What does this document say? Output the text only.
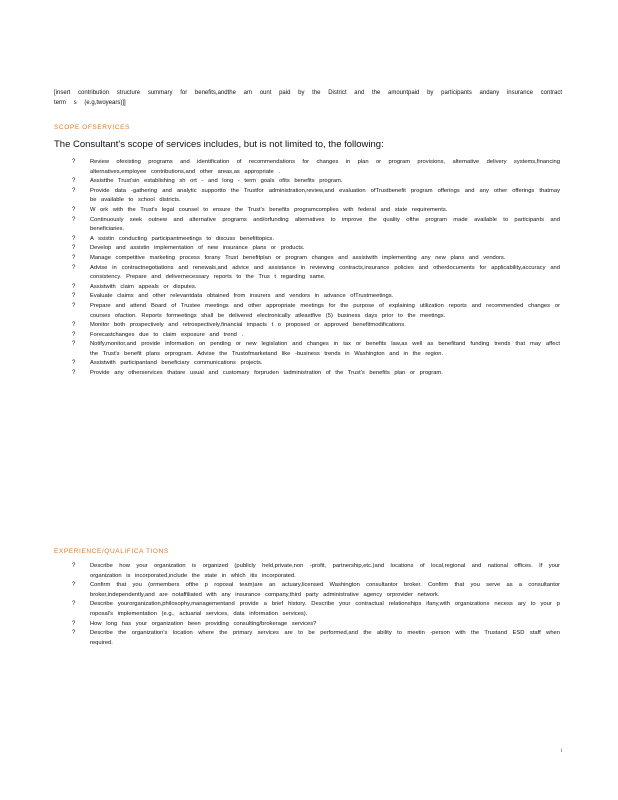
[insert contribution structure summary for benefits,andthe am ount paid by the District and the amountpaid by participants andany insurance contract term s (e.g,twoyears)]]
SCOPE OFSERVICES
The Consultant's scope of services includes, but is not limited to, the following:
?	Review ofexisting programs and identification of recommendations for changes in plan or program provisions, alternative delivery systems,financing alternatives,employee contributions,and other areas,as appropriate .
?	Assistthe Trust'sin establishing sh ort - and long - term goals ofits benefits program.
?	Provide data -gathering and analytic supportto the Trustfor administration,review,and evaluation ofTrustbenefit program offerings and any other offerings thatmay be available to school districts.
?	W ork with the Trust's legal counsel to ensure the Trust's benefits programcomplies with federal and state requirements.
?	Continuously seek outnew and alternative programs and/orfunding alternatives to improve the quality ofthe program made available to participants and beneficiaries.
?	A ssistin conducting participantmeetings to discuss benefittopics.
?	Develop and assistin implementation of new insurance plans or products.
?	Manage competitive marketing process forany Trust benefitplan or program changes and assistwith implementing any new plans and vendors.
?	Advise in contractnegotiations and renewals,and advice and assistance in reviewing contracts,insurance policies and otherdocuments for applicability,accuracy and consistency. Prepare and delivernecessary reports to the Trus t regarding same.
?	Assistwith claim appeals or disputes.
?	Evaluate claims and other relevantdata obtained from insurers and vendors in advance ofTrustmeetings.
?	Prepare and attend Board of Trustee meetings and other appropriate meetings for the purpose of explaining utilization reports and recommended changes or courses ofaction. Reports formeetings shall be delivered electronically atleastfive (5) business days prior to the meetings.
?	Monitor both prospectively and retrospectively,financial impacts t o proposed or approved benefitmodifications.
?	Forecastchanges due to claim exposure and trend .
?	Notify,monitor,and provide information on pending or new legislation and changes in tax or benefits law,as well as benefitand funding trends that may affect the Trust's benefit plans orprogram. Advise the Trustofmarketand like -business trends in Washington and in the region.
?	Assistwith participantand beneficiary communications projects.
?	Provide any otherservices thatare usual and customary forpruden tadministration of the Trust's benefits plan or program.
EXPERIENCE/QUALIFICA TIONS
?	Describe how your organization is organized (publicly held,private,non -profit, partnership,etc.)and locations of local,regional and national offices. If your organization is incorporated,include the state in which itis incorporated.
?	Confirm that you (ormembers ofthe p roposal team)are an actuary,licensed Washington consultantor broker. Confirm that you serve as a consultantor broker,independently,and are notaffiliated with any insurance company,third party administrative agency orprovider network.
?	Describe yourorganization,philosophy,managementand provide a brief history. Describe your contractual relationships ifany,with organizations necess ary to your p roposal's implementation (e.g., actuarial services, data information services).
?	How long has your organization been providing consulting/brokerage services?
?	Describe the organization's location where the primary services are to be performed,and the ability to meetin -person with the Trustand ESD staff when required.
i
